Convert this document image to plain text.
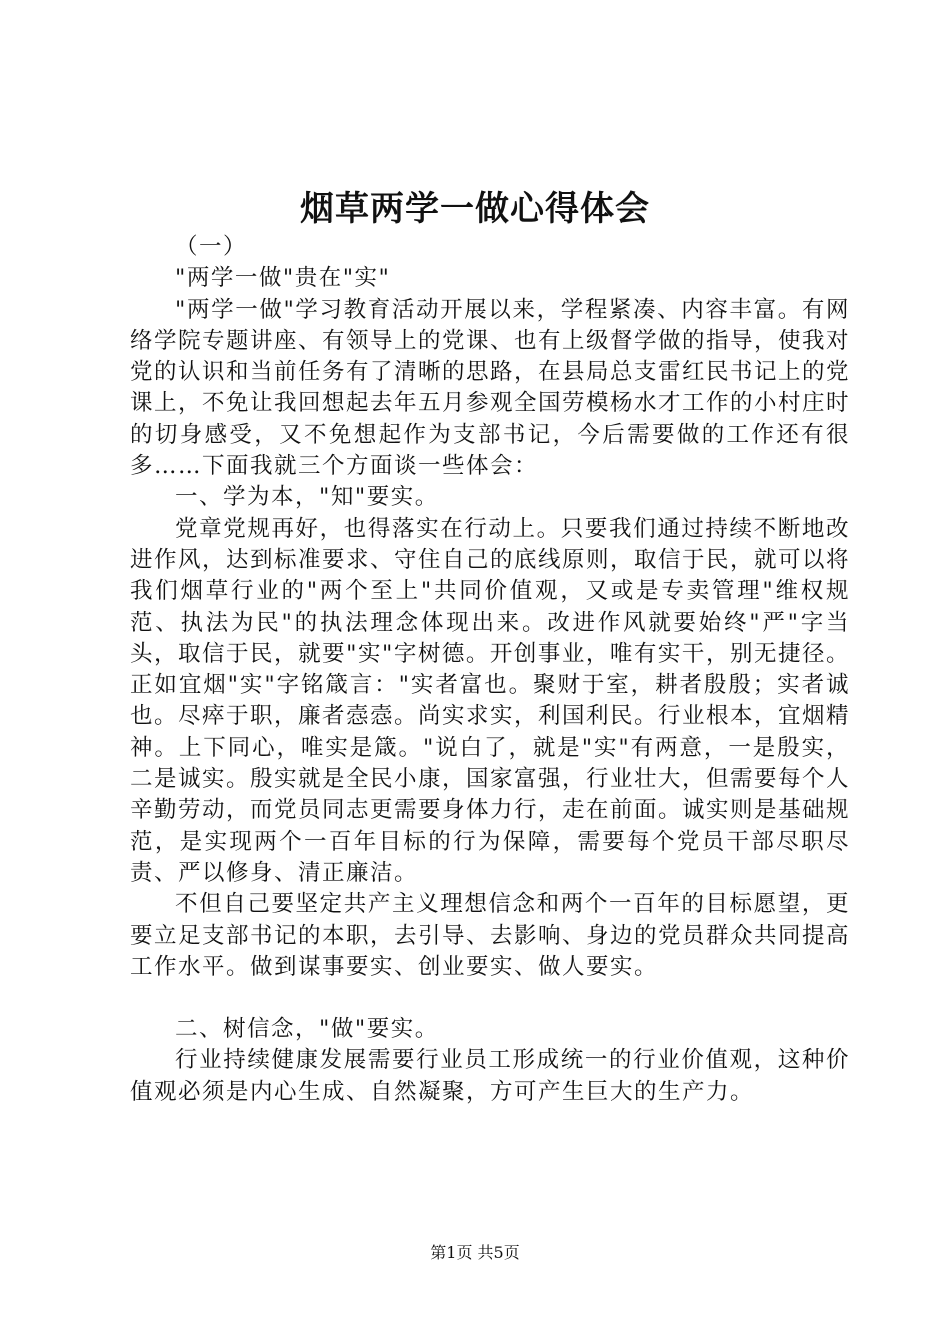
烟草两学一做心得体会

（一）

"两学一做"贵在"实"

"两学一做"学习教育活动开展以来，学程紧凑、内容丰富。有网络学院专题讲座、有领导上的党课、也有上级督学做的指导，使我对党的认识和当前任务有了清晰的思路，在县局总支雷红民书记上的党课上，不免让我回想起去年五月参观全国劳模杨水才工作的小村庄时的切身感受，又不免想起作为支部书记，今后需要做的工作还有很多……下面我就三个方面谈一些体会：

一、学为本，"知"要实。

党章党规再好，也得落实在行动上。只要我们通过持续不断地改进作风，达到标准要求、守住自己的底线原则，取信于民，就可以将我们烟草行业的"两个至上"共同价值观，又或是专卖管理"维权规范、执法为民"的执法理念体现出来。改进作风就要始终"严"字当头，取信于民，就要"实"字树德。开创事业，唯有实干，别无捷径。正如宜烟"实"字铭箴言："实者富也。聚财于室，耕者殷殷；实者诚也。尽瘁于职，廉者悫悫。尚实求实，利国利民。行业根本，宜烟精神。上下同心，唯实是箴。"说白了，就是"实"有两意，一是殷实，二是诚实。殷实就是全民小康，国家富强，行业壮大，但需要每个人辛勤劳动，而党员同志更需要身体力行，走在前面。诚实则是基础规范，是实现两个一百年目标的行为保障，需要每个党员干部尽职尽责、严以修身、清正廉洁。

不但自己要坚定共产主义理想信念和两个一百年的目标愿望，更要立足支部书记的本职，去引导、去影响、身边的党员群众共同提高工作水平。做到谋事要实、创业要实、做人要实。

二、树信念，"做"要实。

行业持续健康发展需要行业员工形成统一的行业价值观，这种价值观必须是内心生成、自然凝聚，方可产生巨大的生产力。

第1页 共5页
